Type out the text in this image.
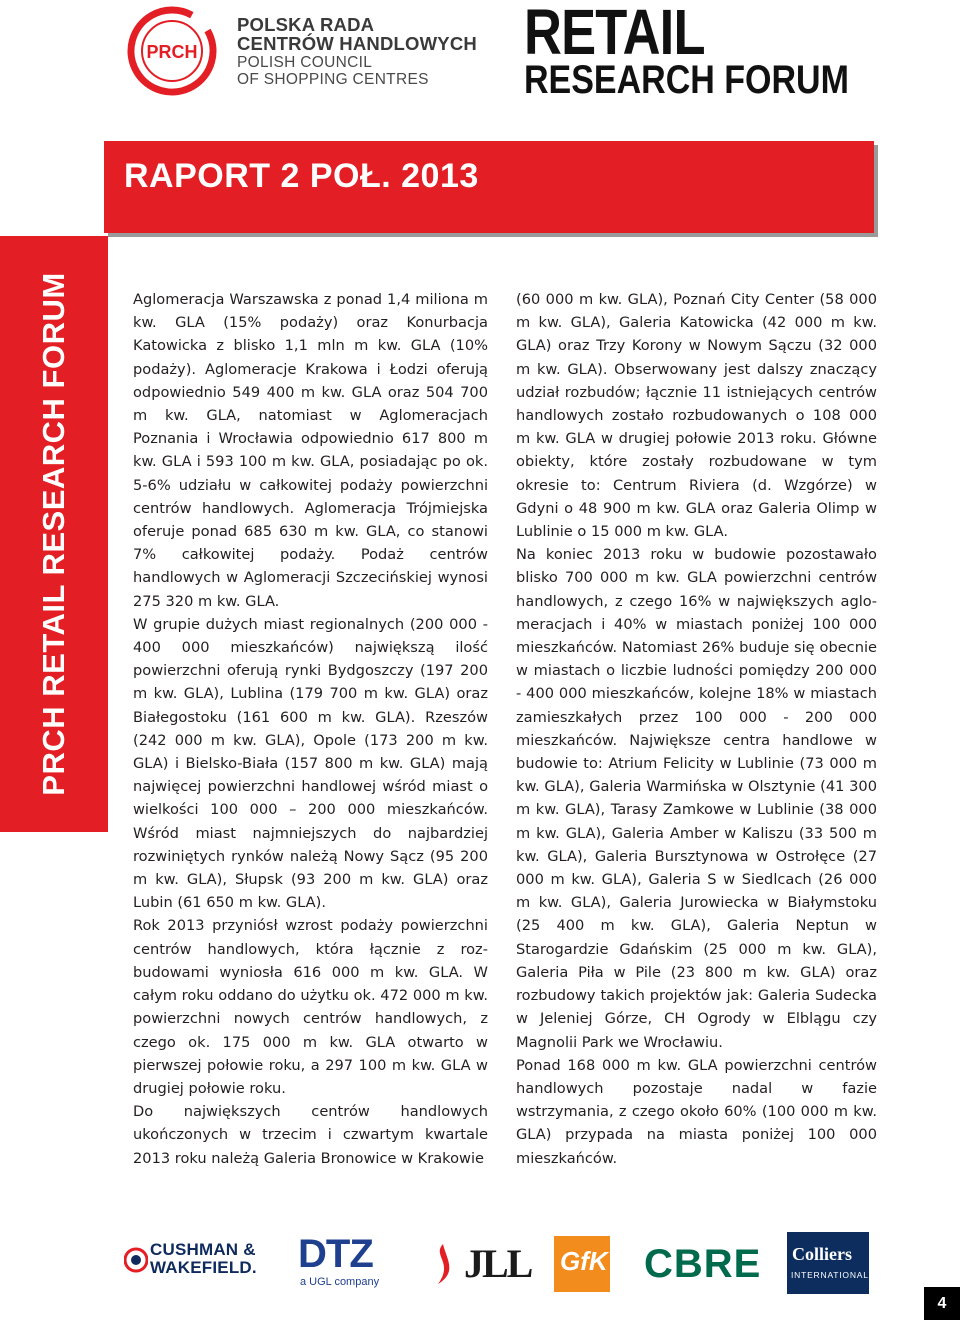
PRCH
POLSKA RADA
CENTRÓW HANDLOWYCH
POLISH COUNCIL
OF SHOPPING CENTRES
RETAIL
RESEARCH FORUM
RAPORT 2 POŁ. 2013
PRCH RETAIL RESEARCH FORUM	Aglomeracja Warszawska z ponad 1,4 miliona m kw. GLA (15% podaży) oraz Konurbacja Katowicka z blisko 1,1 mln m kw. GLA (10% podaży). Aglomeracje Krakowa i Łodzi oferują odpowiednio 549 400 m kw. GLA oraz 504 700 m kw. GLA, natomiast w Aglomeracjach Poznania i Wrocławia odpowiednio 617 800 m kw. GLA i 593 100 m kw. GLA, posiadając po ok. 5-6% udziału w całkowitej podaży powierzchni centrów handlowych. Aglomeracja Trójmiejska oferuje ponad 685 630 m kw. GLA, co stanowi 7% całkowitej podaży. Podaż centrów handlowych w Aglomeracji Szczecińskiej wynosi 275 320 m kw. GLA.

W grupie dużych miast regionalnych (200 000 - 400 000 mieszkańców) największą ilość powierzchni oferują rynki Bydgoszczy (197 200 m kw. GLA), Lublina (179 700 m kw. GLA) oraz Białegostoku (161 600 m kw. GLA). Rzeszów (242 000 m kw. GLA), Opole (173 200 m kw. GLA) i Bielsko-Biała (157 800 m kw. GLA) mają najwięcej powierzchni handlowej wśród miast o wielkości 100 000 – 200 000 mieszkańców. Wśród miast najmniejszych do najbardziej rozwiniętych rynków należą Nowy Sącz (95 200 m kw. GLA), Słupsk (93 200 m kw. GLA) oraz Lubin (61 650 m kw. GLA).

Rok 2013 przyniósł wzrost podaży powierzchni centrów handlowych, która łącznie z rozbudowami wyniosła 616 000 m kw. GLA. W całym roku oddano do użytku ok. 472 000 m kw. powierzchni nowych centrów handlowych, z czego ok. 175 000 m kw. GLA otwarto w pierwszej połowie roku, a 297 100 m kw. GLA w drugiej połowie roku.

Do największych centrów handlowych ukończonych w trzecim i czwartym kwartale 2013 roku należą Galeria Bronowice w Krakowie

(60 000 m kw. GLA), Poznań City Center (58 000 m kw. GLA), Galeria Katowicka (42 000 m kw. GLA) oraz Trzy Korony w Nowym Sączu (32 000 m kw. GLA). Obserwowany jest dalszy znaczący udział rozbudów; łącznie 11 istniejących centrów handlowych zostało rozbudowanych o 108 000 m kw. GLA w drugiej połowie 2013 roku. Główne obiekty, które zostały rozbudowane w tym okresie to: Centrum Riviera (d. Wzgórze) w Gdyni o 48 900 m kw. GLA oraz Galeria Olimp w Lublinie o 15 000 m kw. GLA.

Na koniec 2013 roku w budowie pozostawało blisko 700 000 m kw. GLA powierzchni centrów handlowych, z czego 16% w największych aglomeracjach i 40% w miastach poniżej 100 000 mieszkańców. Natomiast 26% buduje się obecnie w miastach o liczbie ludności pomiędzy 200 000 - 400 000 mieszkańców, kolejne 18% w miastach zamieszkałych przez 100 000 - 200 000 mieszkańców. Największe centra handlowe w budowie to: Atrium Felicity w Lublinie (73 000 m kw. GLA), Galeria Warmińska w Olsztynie (41 300 m kw. GLA), Tarasy Zamkowe w Lublinie (38 000 m kw. GLA), Galeria Amber w Kaliszu (33 500 m kw. GLA), Galeria Bursztynowa w Ostrołęce (27 000 m kw. GLA), Galeria S w Siedlcach (26 000 m kw. GLA), Galeria Jurowiecka w Białymstoku (25 400 m kw. GLA), Galeria Neptun w Starogardzie Gdańskim (25 000 m kw. GLA), Galeria Piła w Pile (23 800 m kw. GLA) oraz rozbudowy takich projektów jak: Galeria Sudecka w Jeleniej Górze, CH Ogrody w Elblągu czy Magnolii Park we Wrocławiu.

Ponad 168 000 m kw. GLA powierzchni centrów handlowych pozostaje nadal w fazie wstrzymania, z czego około 60% (100 000 m kw. GLA) przypada na miasta poniżej 100 000 mieszkańców.

CUSHMAN &
WAKEFIELD. DTZ
a UGL company JLL GfK CBRE Colliers
INTERNATIONAL
4
